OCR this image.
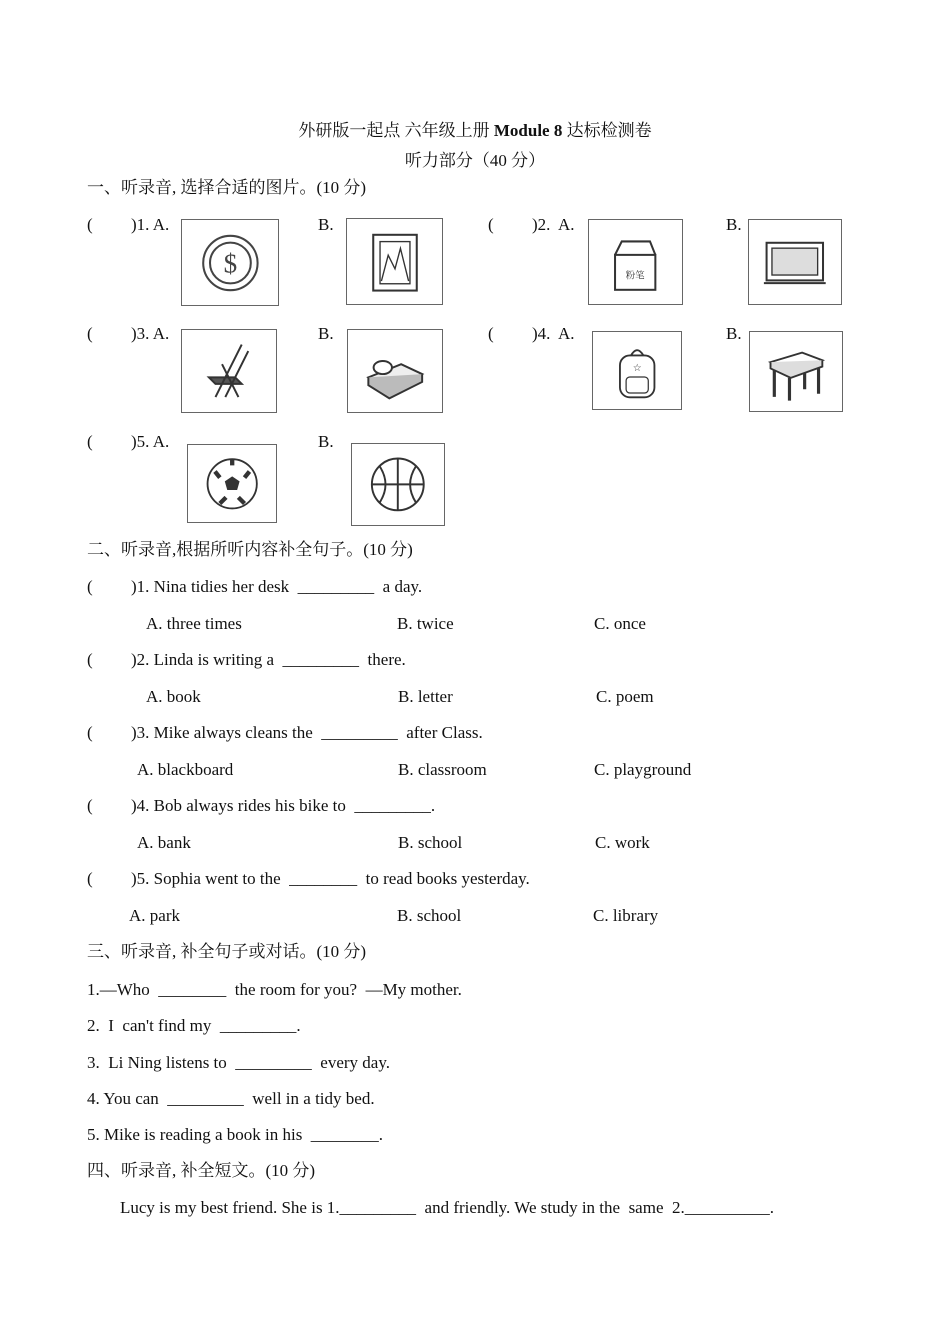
外研版一起点 六年级上册 Module 8 达标检测卷
听力部分（40 分）
一、听录音, 选择合适的图片。(10 分)
( )1. A.	B.	( )2.  A.	B.
( )3. A.	B.	( )4.  A.	B.
( )5. A.	B.
$	粉笔
☆
二、听录音,根据所听内容补全句子。(10 分)
( )1. Nina tidies her desk  _________  a day.
A. three times	B. twice	C. once
( )2. Linda is writing a  _________  there.
A. book	B. letter	C. poem
( )3. Mike always cleans the  _________  after Class.
A. blackboard	B. classroom	C. playground
( )4. Bob always rides his bike to  _________.
A. bank	B. school	C. work
( )5. Sophia went to the  ________  to read books yesterday.
A. park	B. school	C. library
三、听录音, 补全句子或对话。(10 分)
1.—Who  ________  the room for you?  —My mother.
2.  I  can't find my  _________.
3.  Li Ning listens to  _________  every day.
4. You can  _________  well in a tidy bed.
5. Mike is reading a book in his  ________.
四、听录音, 补全短文。(10 分)
Lucy is my best friend. She is 1._________  and friendly. We study in the  same  2.__________.
